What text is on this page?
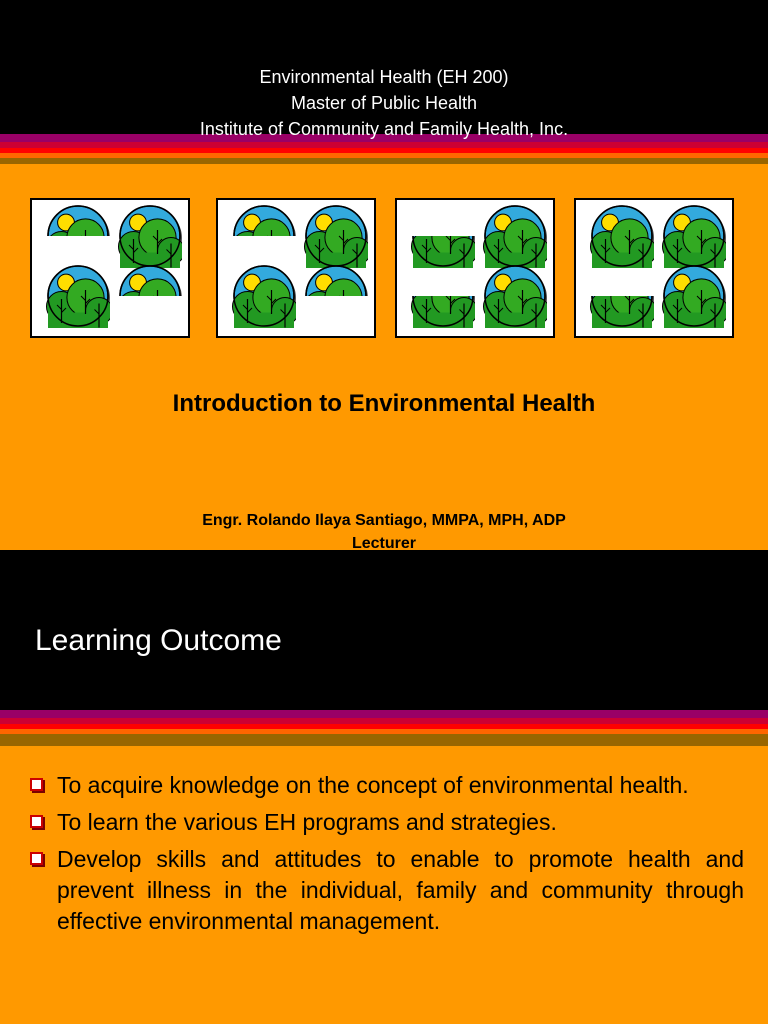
Environmental Health (EH 200)
Master of Public Health
Institute of Community and Family Health, Inc.
Introduction to Environmental Health
Engr. Rolando Ilaya Santiago, MMPA, MPH, ADP
Lecturer
Learning Outcome
To acquire knowledge on the concept of environmental health.
To learn the various EH programs and strategies.
Develop skills and attitudes to enable to promote health and prevent illness in the individual, family and community through effective environmental management.
